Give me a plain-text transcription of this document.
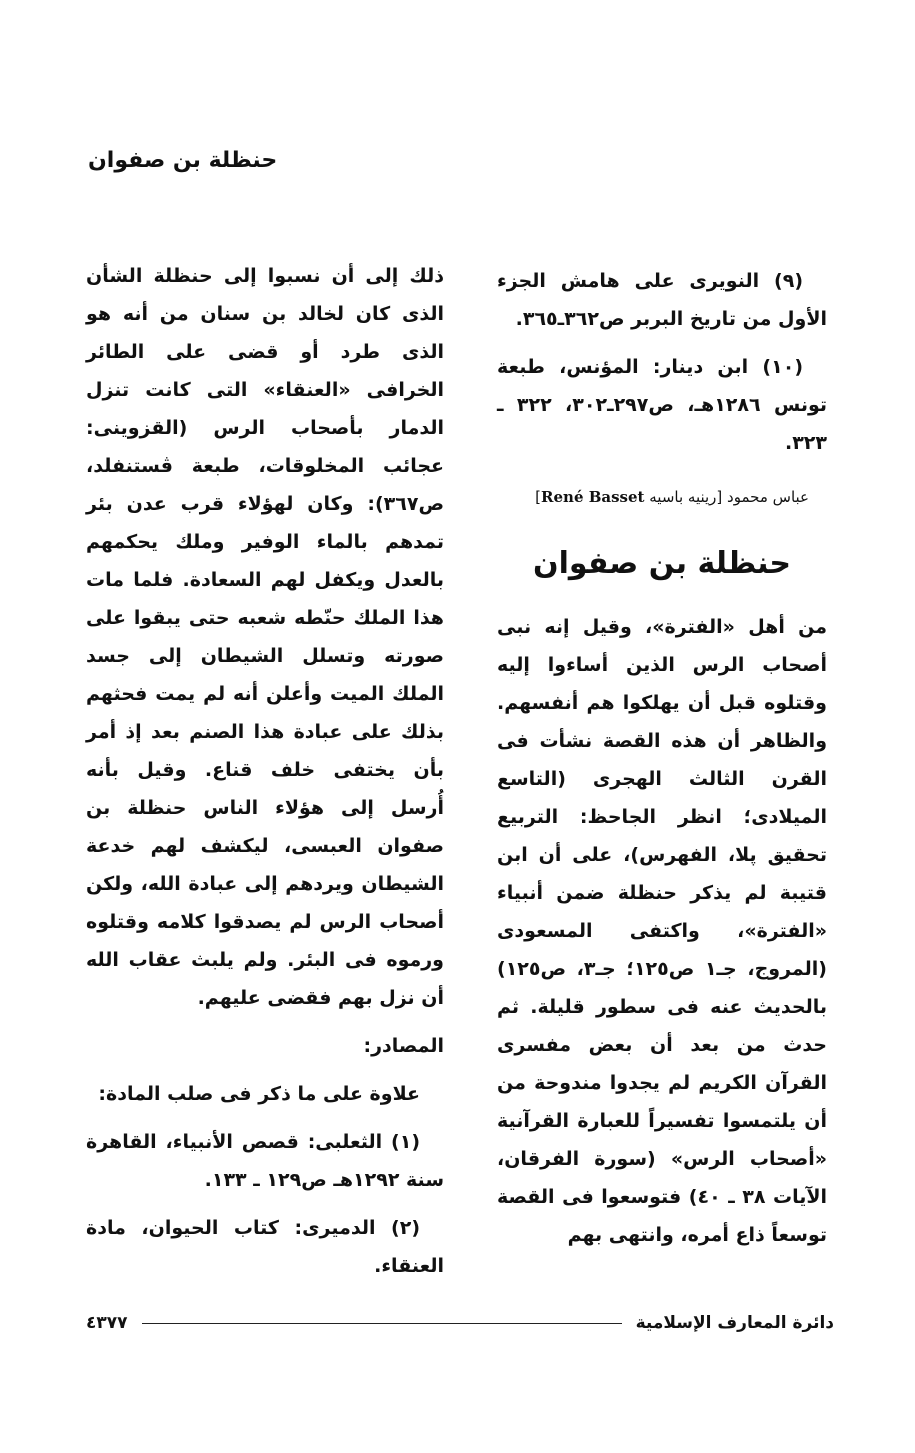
حنظلة بن صفوان

(٩) النويرى على هامش الجزء الأول من تاريخ البربر ص٣٦٢ـ٣٦٥.

(١٠) ابن دينار: المؤنس، طبعة تونس ١٢٨٦هـ، ص٢٩٧ـ٣٠٢، ٣٢٢ ـ ٣٢٣.

عباس محمود [رينيه باسيه René Basset]

حنظلة بن صفوان

من أهل «الفترة»، وقيل إنه نبى أصحاب الرس الذين أساءوا إليه وقتلوه قبل أن يهلكوا هم أنفسهم. والظاهر أن هذه القصة نشأت فى القرن الثالث الهجرى (التاسع الميلادى؛ انظر الجاحظ: التربيع تحقيق پلا، الفهرس)، على أن ابن قتيبة لم يذكر حنظلة ضمن أنبياء «الفترة»، واكتفى المسعودى (المروج، جـ١ ص١٢٥؛ جـ٣، ص١٢٥) بالحديث عنه فى سطور قليلة. ثم حدث من بعد أن بعض مفسرى القرآن الكريم لم يجدوا مندوحة من أن يلتمسوا تفسيراً للعبارة القرآنية «أصحاب الرس» (سورة الفرقان، الآيات ٣٨ ـ ٤٠) فتوسعوا فى القصة توسعاً ذاع أمره، وانتهى بهم

ذلك إلى أن نسبوا إلى حنظلة الشأن الذى كان لخالد بن سنان من أنه هو الذى طرد أو قضى على الطائر الخرافى «العنقاء» التى كانت تنزل الدمار بأصحاب الرس (القزوينى: عجائب المخلوقات، طبعة ڤستنفلد، ص٣٦٧): وكان لهؤلاء قرب عدن بئر تمدهم بالماء الوفير وملك يحكمهم بالعدل ويكفل لهم السعادة. فلما مات هذا الملك حنّطه شعبه حتى يبقوا على صورته وتسلل الشيطان إلى جسد الملك الميت وأعلن أنه لم يمت فحثهم بذلك على عبادة هذا الصنم بعد إذ أمر بأن يختفى خلف قناع. وقيل بأنه أُرسل إلى هؤلاء الناس حنظلة بن صفوان العبسى، ليكشف لهم خدعة الشيطان ويردهم إلى عبادة الله، ولكن أصحاب الرس لم يصدقوا كلامه وقتلوه ورموه فى البئر. ولم يلبث عقاب الله أن نزل بهم فقضى عليهم.

المصادر:

علاوة على ما ذكر فى صلب المادة:

(١) الثعلبى: قصص الأنبياء، القاهرة سنة ١٢٩٢هـ ص١٢٩ ـ ١٣٣.

(٢) الدميرى: كتاب الحيوان، مادة العنقاء.

دائرة المعارف الإسلامية
٤٣٧٧
